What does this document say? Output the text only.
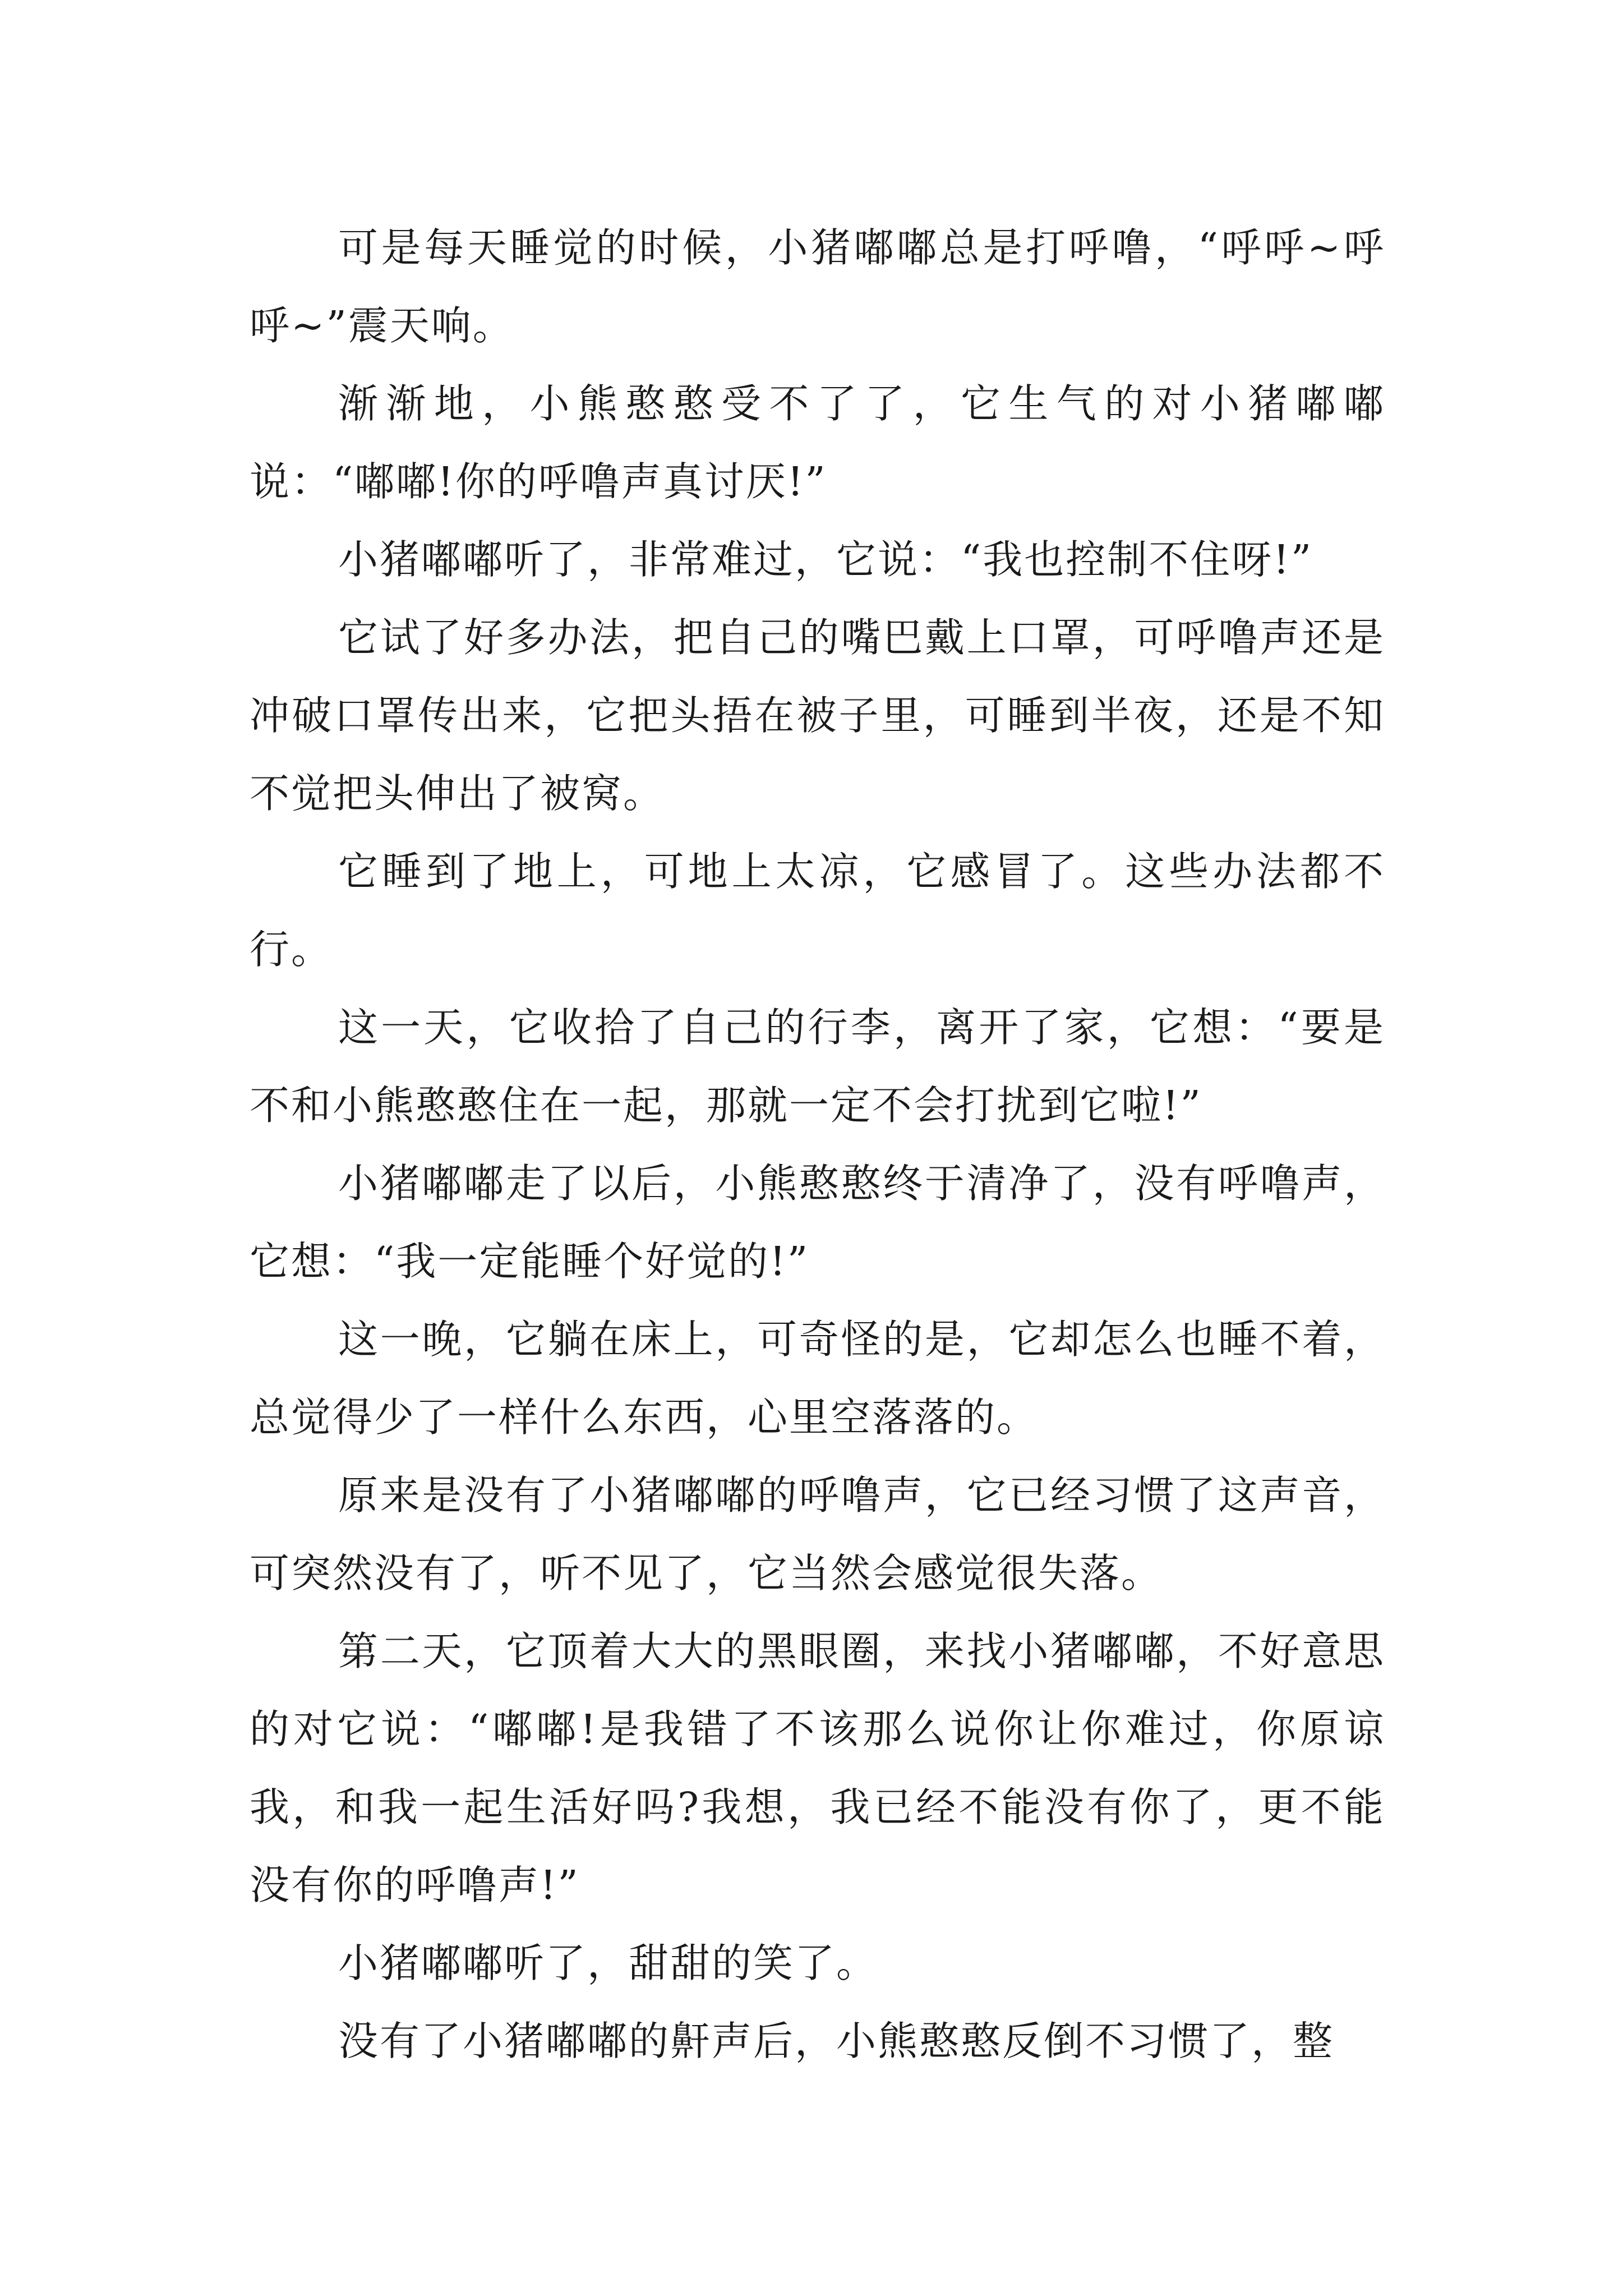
可是每天睡觉的时候，小猪嘟嘟总是打呼噜，“呼呼~呼呼~”震天响。

渐渐地，小熊憨憨受不了了，它生气的对小猪嘟嘟说：“嘟嘟!你的呼噜声真讨厌!”

小猪嘟嘟听了，非常难过，它说：“我也控制不住呀!”

它试了好多办法，把自己的嘴巴戴上口罩，可呼噜声还是冲破口罩传出来，它把头捂在被子里，可睡到半夜，还是不知不觉把头伸出了被窝。

它睡到了地上，可地上太凉，它感冒了。这些办法都不行。

这一天，它收拾了自己的行李，离开了家，它想：“要是不和小熊憨憨住在一起，那就一定不会打扰到它啦!”

小猪嘟嘟走了以后，小熊憨憨终于清净了，没有呼噜声，它想：“我一定能睡个好觉的!”

这一晚，它躺在床上，可奇怪的是，它却怎么也睡不着，总觉得少了一样什么东西，心里空落落的。

原来是没有了小猪嘟嘟的呼噜声，它已经习惯了这声音，可突然没有了，听不见了，它当然会感觉很失落。

第二天，它顶着大大的黑眼圈，来找小猪嘟嘟，不好意思的对它说：“嘟嘟!是我错了不该那么说你让你难过，你原谅我，和我一起生活好吗?我想，我已经不能没有你了，更不能没有你的呼噜声!”

小猪嘟嘟听了，甜甜的笑了。

没有了小猪嘟嘟的鼾声后，小熊憨憨反倒不习惯了，整
